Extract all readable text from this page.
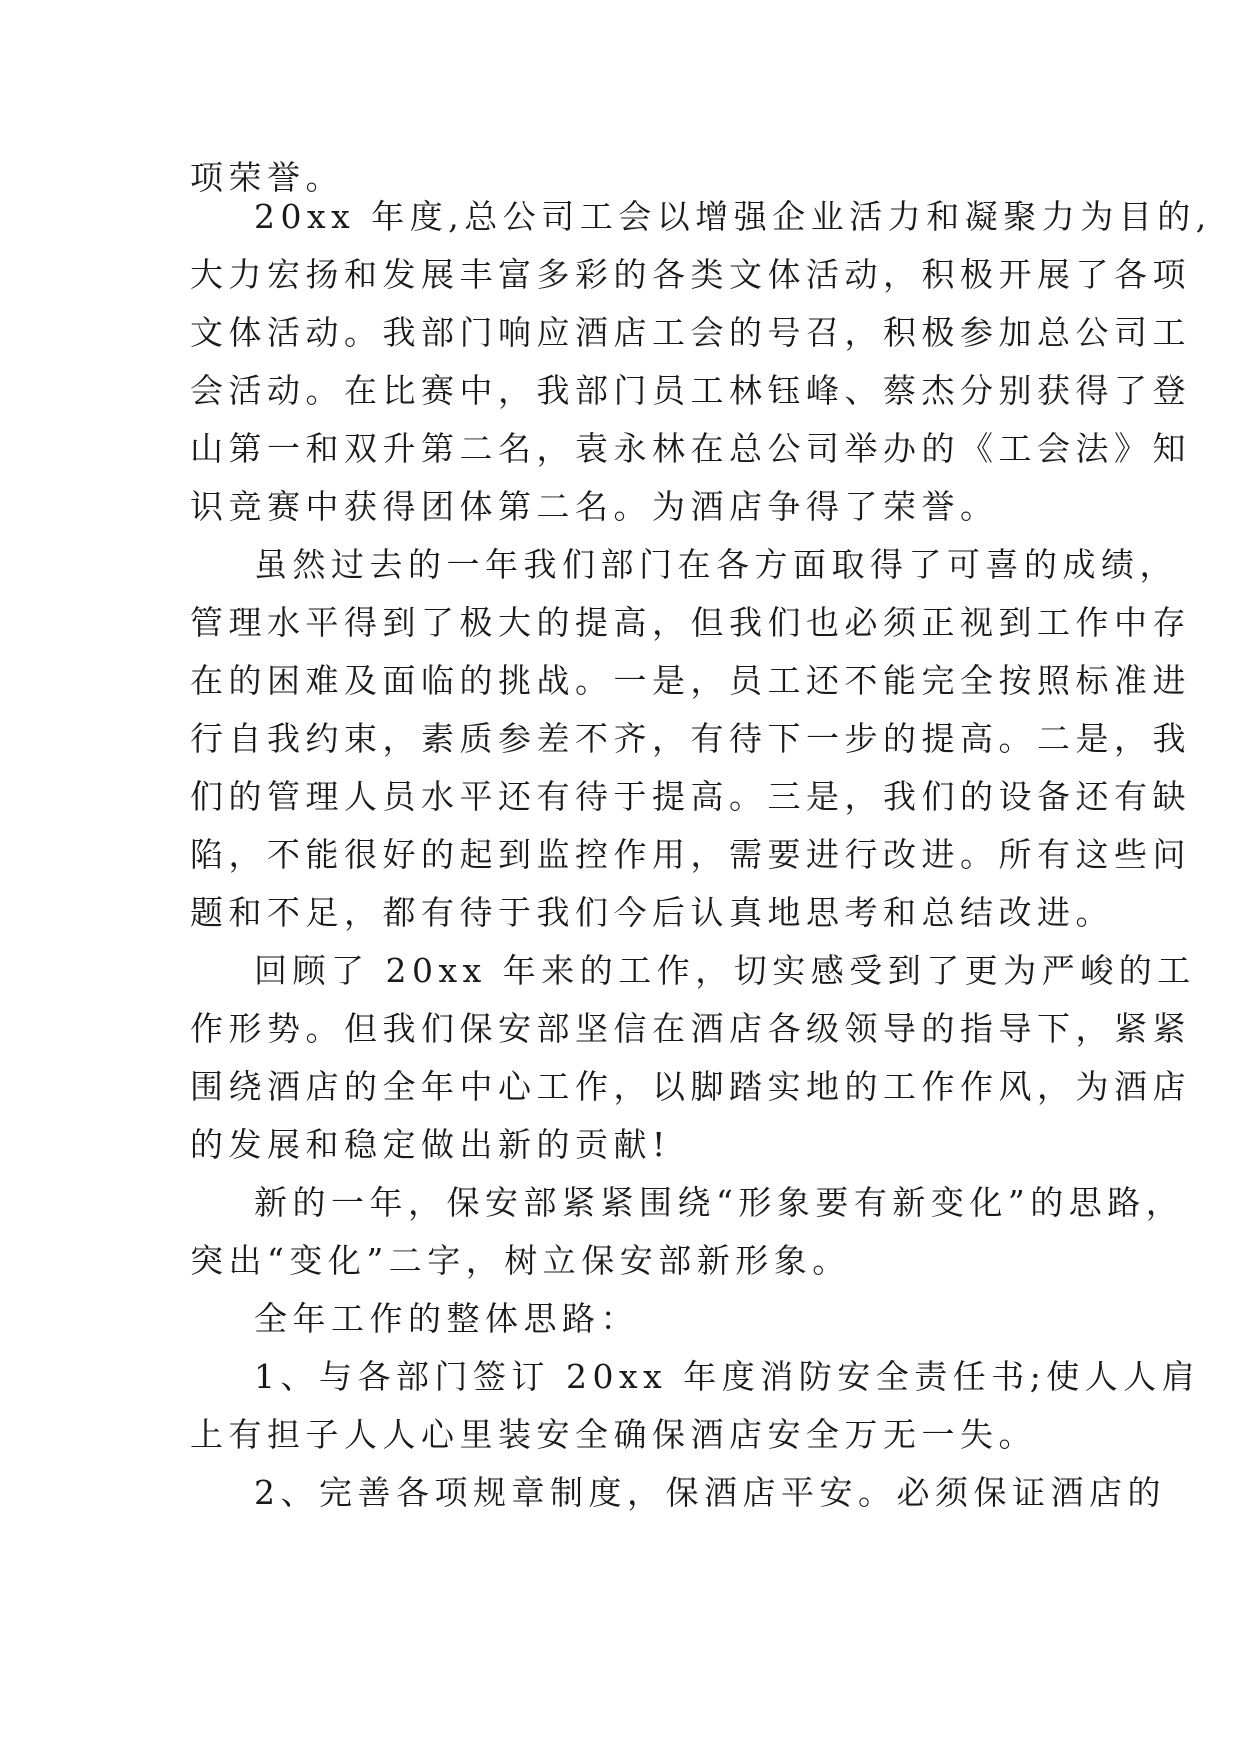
项荣誉。
20xx 年度,总公司工会以增强企业活力和凝聚力为目的,
大力宏扬和发展丰富多彩的各类文体活动，积极开展了各项
文体活动。我部门响应酒店工会的号召，积极参加总公司工
会活动。在比赛中，我部门员工林钰峰、蔡杰分别获得了登
山第一和双升第二名，袁永林在总公司举办的《工会法》知
识竞赛中获得团体第二名。为酒店争得了荣誉。
虽然过去的一年我们部门在各方面取得了可喜的成绩，
管理水平得到了极大的提高，但我们也必须正视到工作中存
在的困难及面临的挑战。一是，员工还不能完全按照标准进
行自我约束，素质参差不齐，有待下一步的提高。二是，我
们的管理人员水平还有待于提高。三是，我们的设备还有缺
陷，不能很好的起到监控作用，需要进行改进。所有这些问
题和不足，都有待于我们今后认真地思考和总结改进。
回顾了 20xx 年来的工作，切实感受到了更为严峻的工
作形势。但我们保安部坚信在酒店各级领导的指导下，紧紧
围绕酒店的全年中心工作，以脚踏实地的工作作风，为酒店
的发展和稳定做出新的贡献!
新的一年，保安部紧紧围绕“形象要有新变化”的思路，
突出“变化”二字，树立保安部新形象。
全年工作的整体思路：
1、与各部门签订 20xx 年度消防安全责任书;使人人肩
上有担子人人心里装安全确保酒店安全万无一失。
2、完善各项规章制度，保酒店平安。必须保证酒店的
